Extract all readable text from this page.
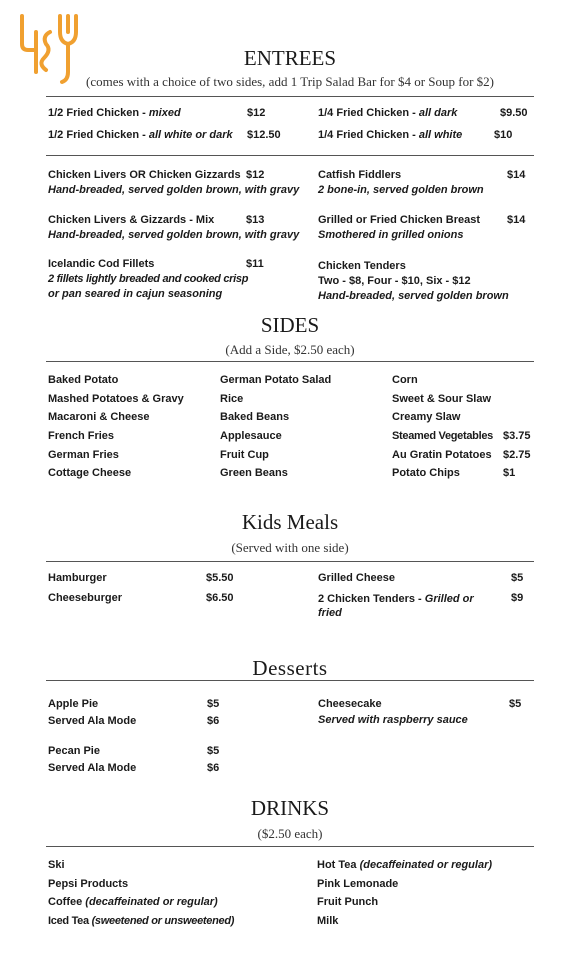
ENTREES
(comes with a choice of two sides, add 1 Trip Salad Bar for $4 or Soup for $2)
1/2 Fried Chicken - mixed	$12
1/2 Fried Chicken - all white or dark $12.50
1/4 Fried Chicken - all dark	$9.50
1/4 Fried Chicken - all white	$10
Chicken Livers OR Chicken Gizzards $12
Hand-breaded, served golden brown, with gravy
Chicken Livers & Gizzards - Mix	$13
Hand-breaded, served golden brown, with gravy
Icelandic Cod Fillets	$11
2 fillets lightly breaded and cooked crisp
or pan seared in cajun seasoning
Catfish Fiddlers	$14
2 bone-in, served golden brown
Grilled or Fried Chicken Breast $14
Smothered in grilled onions
Chicken Tenders
Two - $8, Four - $10, Six - $12
Hand-breaded, served golden brown
SIDES
(Add a Side, $2.50 each)
Baked Potato
Mashed Potatoes & Gravy
Macaroni & Cheese
French Fries
German Fries
Cottage Cheese
German Potato Salad
Rice
Baked Beans
Applesauce
Fruit Cup
Green Beans
Corn
Sweet & Sour Slaw
Creamy Slaw
Steamed Vegetables $3.75
Au Gratin Potatoes $2.75
Potato Chips	$1
Kids Meals
(Served with one side)
Hamburger	$5.50
Cheeseburger	$6.50
Grilled Cheese	$5
2 Chicken Tenders - Grilled or fried
$9
Desserts
Apple Pie	$5
Served Ala Mode	$6
Pecan Pie	$5
Served Ala Mode	$6
Cheesecake	$5
Served with raspberry sauce
DRINKS
($2.50 each)
Ski
Pepsi Products
Coffee (decaffeinated or regular)
Iced Tea (sweetened or unsweetened)
Hot Tea (decaffeinated or regular)
Pink Lemonade
Fruit Punch
Milk
